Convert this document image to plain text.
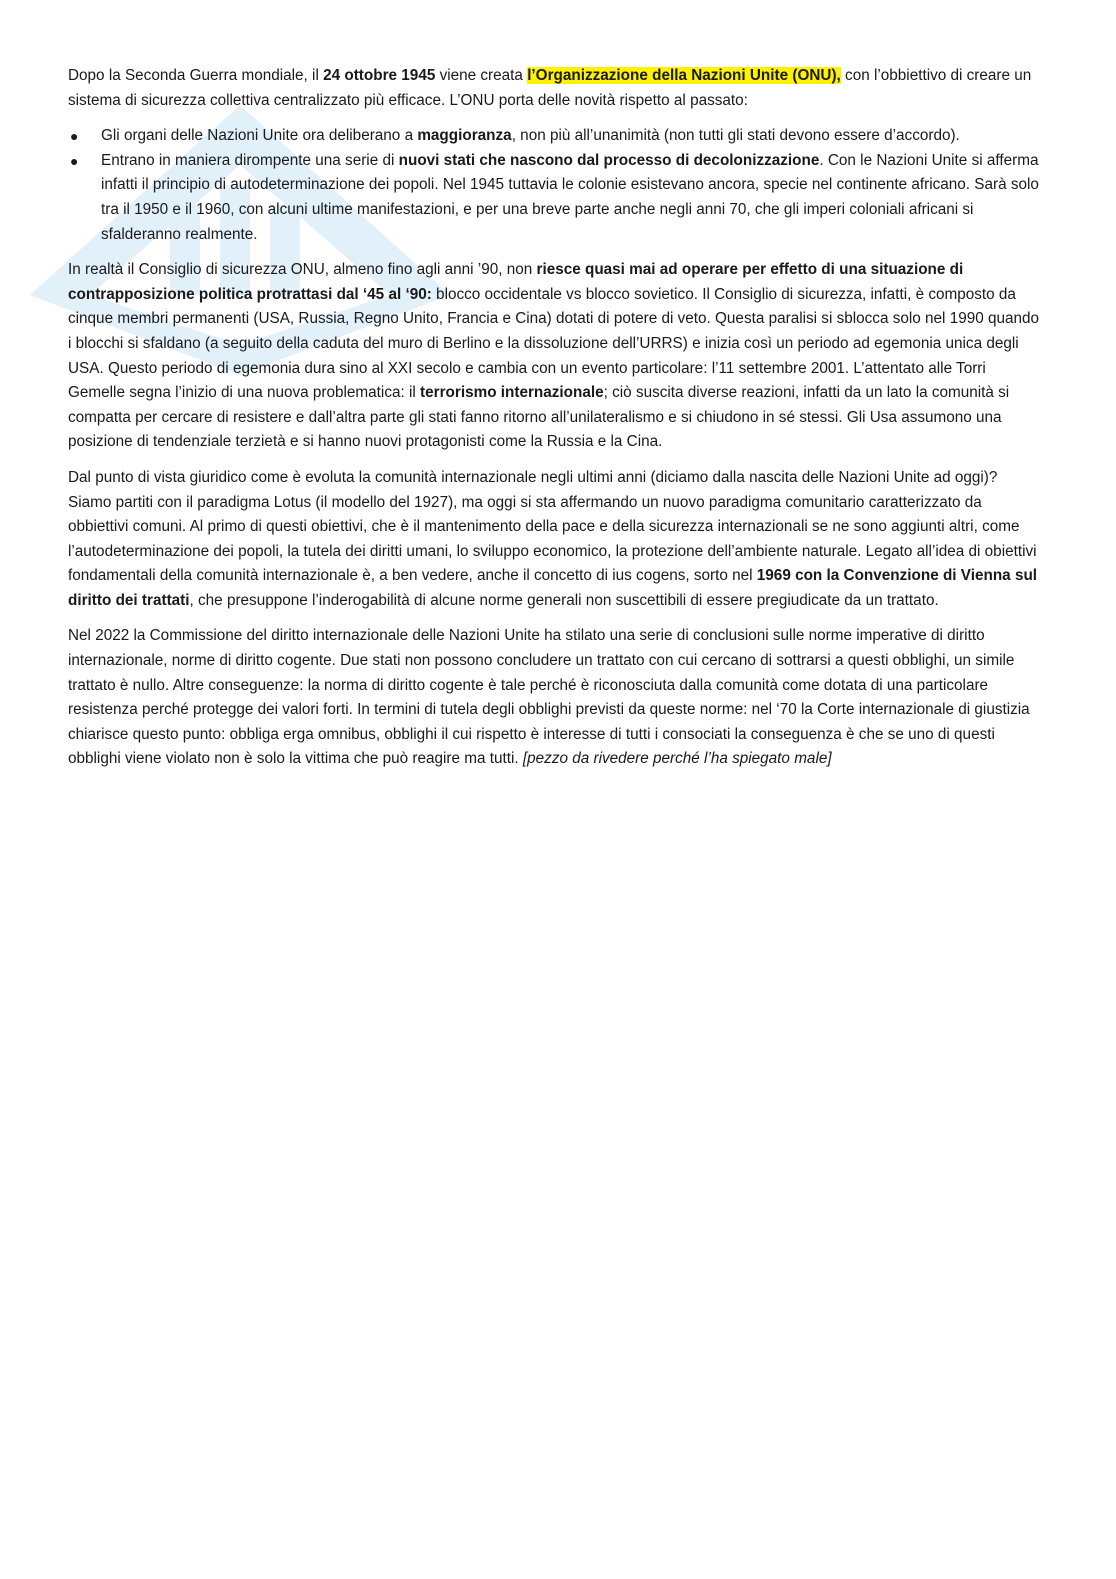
Dopo la Seconda Guerra mondiale, il 24 ottobre 1945 viene creata l’Organizzazione della Nazioni Unite (ONU), con l’obbiettivo di creare un sistema di sicurezza collettiva centralizzato più efficace. L’ONU porta delle novità rispetto al passato:

● Gli organi delle Nazioni Unite ora deliberano a maggioranza, non più all’unanimità (non tutti gli stati devono essere d’accordo).
● Entrano in maniera dirompente una serie di nuovi stati che nascono dal processo di decolonizzazione. Con le Nazioni Unite si afferma infatti il principio di autodeterminazione dei popoli. Nel 1945 tuttavia le colonie esistevano ancora, specie nel continente africano. Sarà solo tra il 1950 e il 1960, con alcuni ultime manifestazioni, e per una breve parte anche negli anni 70, che gli imperi coloniali africani si sfalderanno realmente.

In realtà il Consiglio di sicurezza ONU, almeno fino agli anni ’90, non riesce quasi mai ad operare per effetto di una situazione di contrapposizione politica protrattasi dal ‘45 al ‘90: blocco occidentale vs blocco sovietico. Il Consiglio di sicurezza, infatti, è composto da cinque membri permanenti (USA, Russia, Regno Unito, Francia e Cina) dotati di potere di veto. Questa paralisi si sblocca solo nel 1990 quando i blocchi si sfaldano (a seguito della caduta del muro di Berlino e la dissoluzione dell’URRS) e inizia così un periodo ad egemonia unica degli USA. Questo periodo di egemonia dura sino al XXI secolo e cambia con un evento particolare: l’11 settembre 2001. L’attentato alle Torri Gemelle segna l’inizio di una nuova problematica: il terrorismo internazionale; ciò suscita diverse reazioni, infatti da un lato la comunità si compatta per cercare di resistere e dall’altra parte gli stati fanno ritorno all’unilateralismo e si chiudono in sé stessi. Gli Usa assumono una posizione di tendenziale terzietà e si hanno nuovi protagonisti come la Russia e la Cina.

Dal punto di vista giuridico come è evoluta la comunità internazionale negli ultimi anni (diciamo dalla nascita delle Nazioni Unite ad oggi)? Siamo partiti con il paradigma Lotus (il modello del 1927), ma oggi si sta affermando un nuovo paradigma comunitario caratterizzato da obbiettivi comuni. Al primo di questi obiettivi, che è il mantenimento della pace e della sicurezza internazionali se ne sono aggiunti altri, come l’autodeterminazione dei popoli, la tutela dei diritti umani, lo sviluppo economico, la protezione dell’ambiente naturale. Legato all’idea di obiettivi fondamentali della comunità internazionale è, a ben vedere, anche il concetto di ius cogens, sorto nel 1969 con la Convenzione di Vienna sul diritto dei trattati, che presuppone l’inderogabilità di alcune norme generali non suscettibili di essere pregiudicate da un trattato.

Nel 2022 la Commissione del diritto internazionale delle Nazioni Unite ha stilato una serie di conclusioni sulle norme imperative di diritto internazionale, norme di diritto cogente. Due stati non possono concludere un trattato con cui cercano di sottrarsi a questi obblighi, un simile trattato è nullo. Altre conseguenze: la norma di diritto cogente è tale perché è riconosciuta dalla comunità come dotata di una particolare resistenza perché protegge dei valori forti. In termini di tutela degli obblighi previsti da queste norme: nel ‘70 la Corte internazionale di giustizia chiarisce questo punto: obbliga erga omnibus, obblighi il cui rispetto è interesse di tutti i consociati la conseguenza è che se uno di questi obblighi viene violato non è solo la vittima che può reagire ma tutti. [pezzo da rivedere perché l’ha spiegato male]
